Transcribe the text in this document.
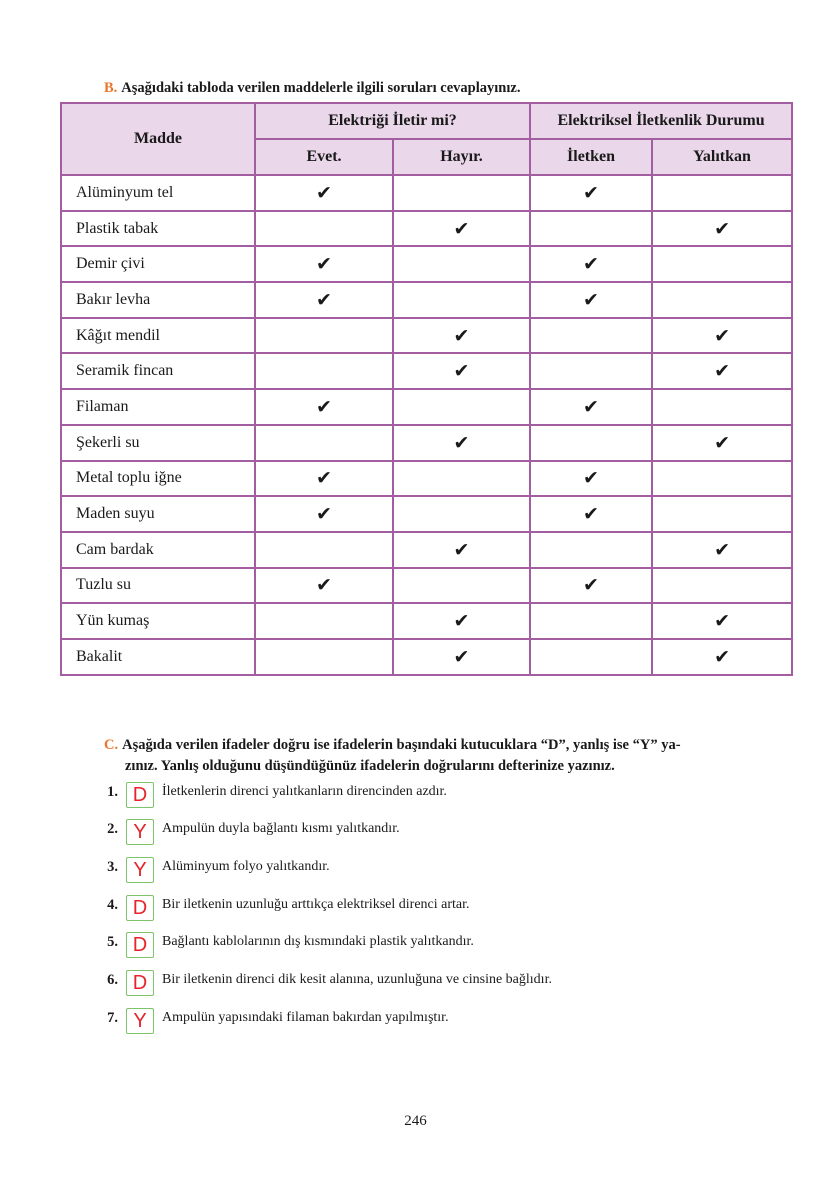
B. Aşağıdaki tabloda verilen maddelerle ilgili soruları cevaplayınız.
Madde	Elektriği İletir mi?		Elektriksel İletkenlik Durumu	
	Evet.	Hayır.	İletken	Yalıtkan
Alüminyum tel	✔		✔	
Plastik tabak		✔		✔
Demir çivi	✔		✔	
Bakır levha	✔		✔	
Kâğıt mendil		✔		✔
Seramik fincan		✔		✔
Filaman	✔		✔	
Şekerli su		✔		✔
Metal toplu iğne	✔		✔	
Maden suyu	✔		✔	
Cam bardak		✔		✔
Tuzlu su	✔		✔	
Yün kumaş		✔		✔
Bakalit		✔		✔
C. Aşağıda verilen ifadeler doğru ise ifadelerin başındaki kutucuklara “D”, yanlış ise “Y” ya-
zınız. Yanlış olduğunu düşündüğünüz ifadelerin doğrularını defterinize yazınız.
1. D	İletkenlerin direnci yalıtkanların direncinden azdır.
2. Y	Ampulün duyla bağlantı kısmı yalıtkandır.
3. Y	Alüminyum folyo yalıtkandır.
4. D	Bir iletkenin uzunluğu arttıkça elektriksel direnci artar.
5. D	Bağlantı kablolarının dış kısmındaki plastik yalıtkandır.
6. D	Bir iletkenin direnci dik kesit alanına, uzunluğuna ve cinsine bağlıdır.
7. Y	Ampulün yapısındaki filaman bakırdan yapılmıştır.
246
